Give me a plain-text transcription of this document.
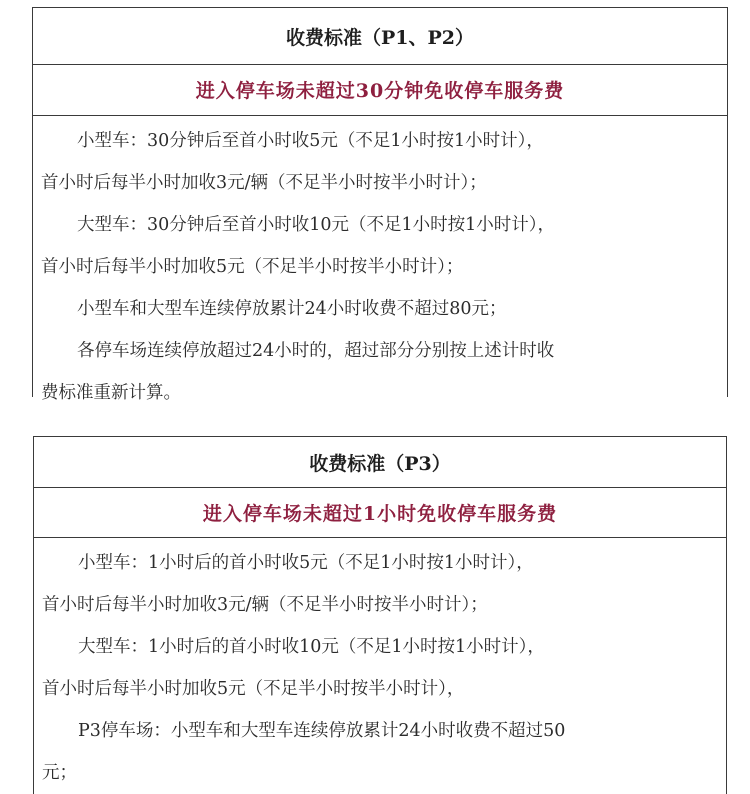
收费标准（P1、P2）
进入停车场未超过30分钟免收停车服务费
小型车：30分钟后至首小时收5元（不足1小时按1小时计），
首小时后每半小时加收3元/辆（不足半小时按半小时计）；
大型车：30分钟后至首小时收10元（不足1小时按1小时计），
首小时后每半小时加收5元（不足半小时按半小时计）；
小型车和大型车连续停放累计24小时收费不超过80元；
各停车场连续停放超过24小时的，超过部分分别按上述计时收
费标准重新计算。
收费标准（P3）
进入停车场未超过1小时免收停车服务费
小型车：1小时后的首小时收5元（不足1小时按1小时计），
首小时后每半小时加收3元/辆（不足半小时按半小时计）；
大型车：1小时后的首小时收10元（不足1小时按1小时计），
首小时后每半小时加收5元（不足半小时按半小时计），
P3停车场：小型车和大型车连续停放累计24小时收费不超过50
元；
